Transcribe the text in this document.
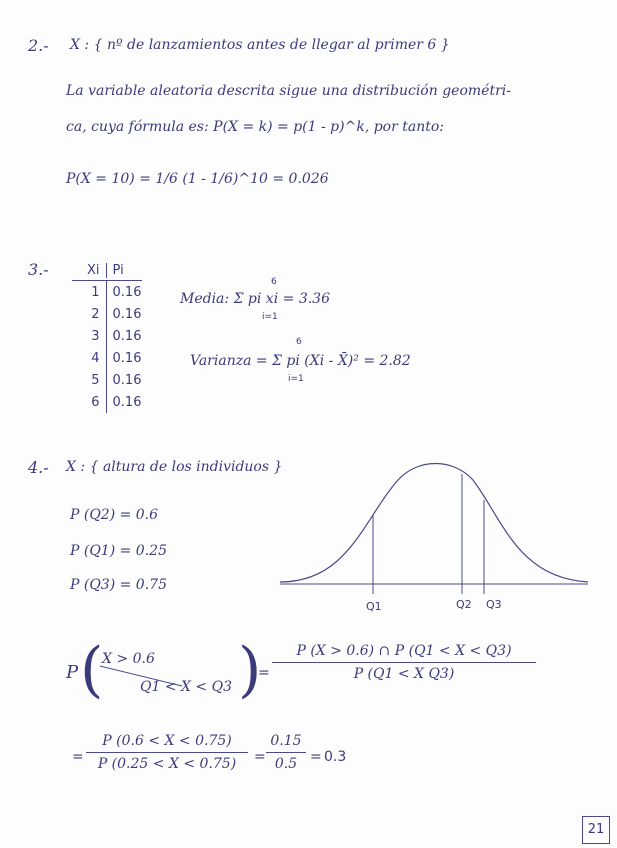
2.- X : { nº de lanzamientos antes de llegar al primer 6 }
La variable aleatoria descrita sigue una distribución geométri-
ca, cuya fórmula es: P(X = k) = p(1 - p)^k, por tanto:
P(X = 10) = 1/6 (1 - 1/6)^10 = 0.026
3.-	Xi	Pi
1	0.16
2	0.16
3	0.16
4	0.16
5	0.16
6	0.16
Media: Σ pi xi = 3.36
6
i=1
Varianza = Σ pi (Xi - X̄)² = 2.82
6
i=1
4.- X : { altura de los individuos }
P (Q2) = 0.6
P (Q1) = 0.25
P (Q3) = 0.75
Q1	Q2 Q3
P (
X > 0.6
Q1 < X < Q3 )
=
P (X > 0.6) ∩ P (Q1 < X < Q3)
P (Q1 < X Q3)
=
P (0.6 < X < 0.75)
P (0.25 < X < 0.75)	=
0.15
0.5 = 0.3
21
